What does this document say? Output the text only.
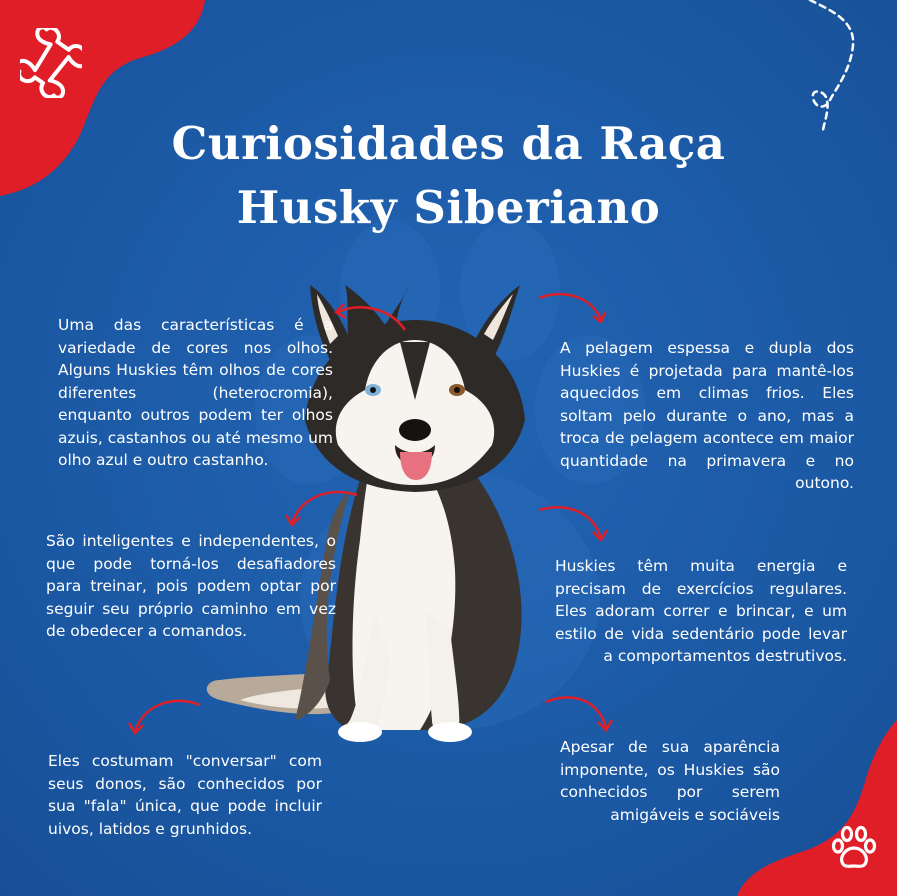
Curiosidades da Raça
Husky Siberiano

Uma das características é a variedade de cores nos olhos. Alguns Huskies têm olhos de cores diferentes (heterocromia), enquanto outros podem ter olhos azuis, castanhos ou até mesmo um olho azul e outro castanho.

A pelagem espessa e dupla dos Huskies é projetada para mantê-los aquecidos em climas frios. Eles soltam pelo durante o ano, mas a troca de pelagem acontece em maior quantidade na primavera e no outono.

São inteligentes e independentes, o que pode torná-los desafiadores para treinar, pois podem optar por seguir seu próprio caminho em vez de obedecer a comandos.

Huskies têm muita energia e precisam de exercícios regulares. Eles adoram correr e brincar, e um estilo de vida sedentário pode levar a comportamentos destrutivos.

Eles costumam "conversar" com seus donos, são conhecidos por sua "fala" única, que pode incluir uivos, latidos e grunhidos.

Apesar de sua aparência imponente, os Huskies são conhecidos por serem amigáveis e sociáveis
